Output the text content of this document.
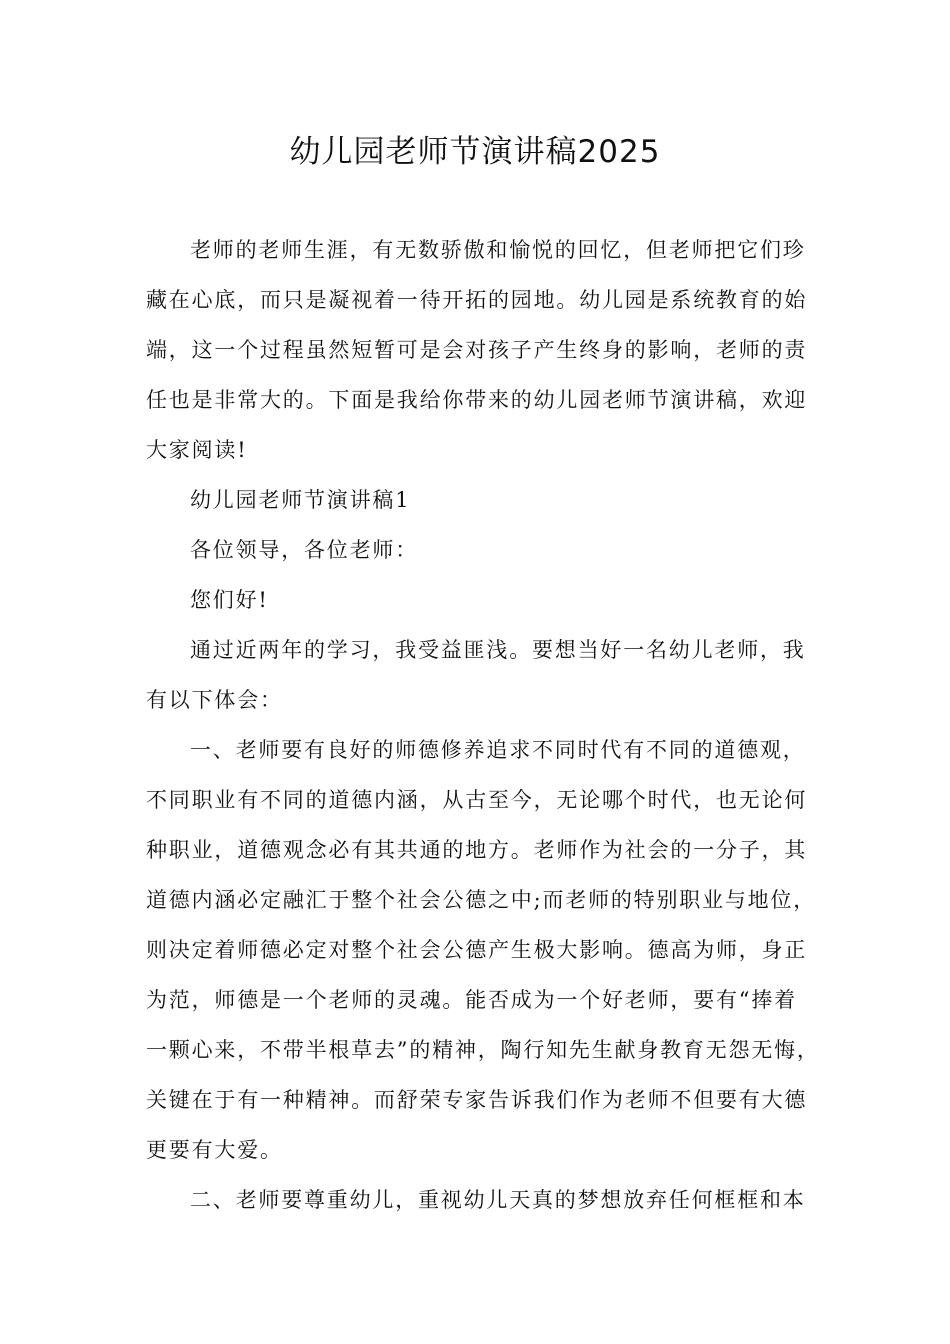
幼儿园老师节演讲稿2025

老师的老师生涯，有无数骄傲和愉悦的回忆，但老师把它们珍
藏在心底，而只是凝视着一待开拓的园地。幼儿园是系统教育的始
端，这一个过程虽然短暂可是会对孩子产生终身的影响，老师的责
任也是非常大的。下面是我给你带来的幼儿园老师节演讲稿，欢迎
大家阅读!

幼儿园老师节演讲稿1

各位领导，各位老师：

您们好!

通过近两年的学习，我受益匪浅。要想当好一名幼儿老师，我
有以下体会：

一、老师要有良好的师德修养追求不同时代有不同的道德观，
不同职业有不同的道德内涵，从古至今，无论哪个时代，也无论何
种职业，道德观念必有其共通的地方。老师作为社会的一分子，其
道德内涵必定融汇于整个社会公德之中;而老师的特别职业与地位，
则决定着师德必定对整个社会公德产生极大影响。德高为师，身正
为范，师德是一个老师的灵魂。能否成为一个好老师，要有“捧着
一颗心来，不带半根草去”的精神，陶行知先生献身教育无怨无悔，
关键在于有一种精神。而舒荣专家告诉我们作为老师不但要有大德
更要有大爱。

二、老师要尊重幼儿，重视幼儿天真的梦想放弃任何框框和本
